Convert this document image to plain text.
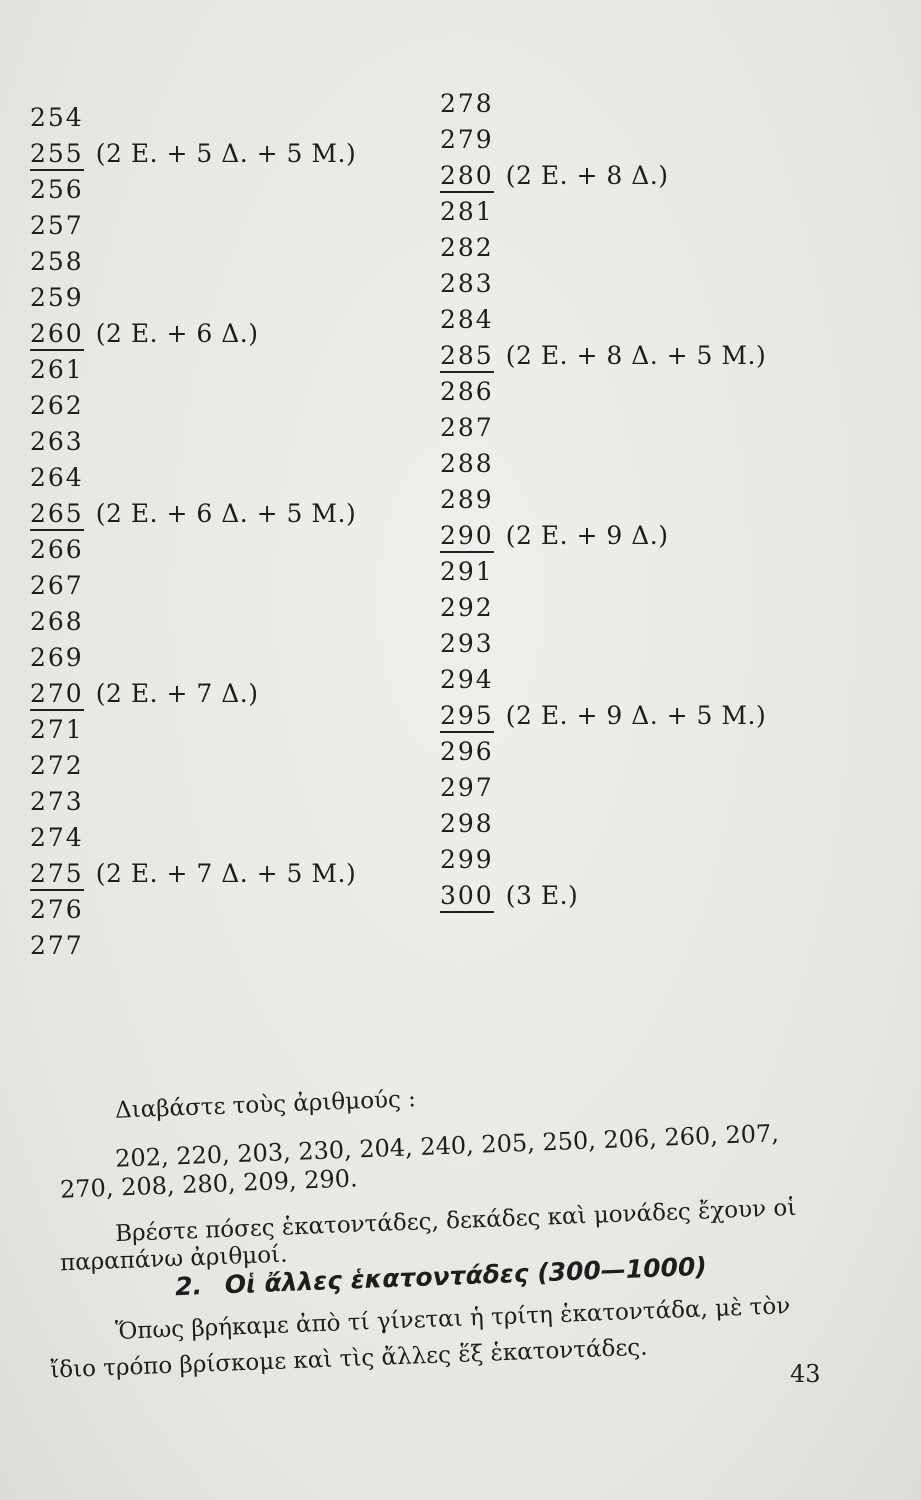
254
255 (2 Ε. + 5 Δ. + 5 Μ.)
256
257
258
259
260 (2 Ε. + 6 Δ.)
261
262
263
264
265 (2 Ε. + 6 Δ. + 5 Μ.)
266
267
268
269
270 (2 Ε. + 7 Δ.)
271
272
273
274
275 (2 Ε. + 7 Δ. + 5 Μ.)
276
277
278
279
280 (2 Ε. + 8 Δ.)
281
282
283
284
285 (2 Ε. + 8 Δ. + 5 Μ.)
286
287
288
289
290 (2 Ε. + 9 Δ.)
291
292
293
294
295 (2 Ε. + 9 Δ. + 5 Μ.)
296
297
298
299
300 (3 Ε.)
Διαβάστε τοὺς ἀριθμούς :
202, 220, 203, 230, 204, 240, 205, 250, 206, 260, 207,
270, 208, 280, 209, 290.
Βρέστε πόσες ἑκατοντάδες, δεκάδες καὶ μονάδες ἔχουν οἱ
παραπάνω ἀριθμοί.
2. Οἱ ἄλλες ἑκατοντάδες (300—1000)
Ὅπως βρήκαμε ἀπὸ τί γίνεται ἡ τρίτη ἑκατοντάδα, μὲ τὸν
ἴδιο τρόπο βρίσκομε καὶ τὶς ἄλλες ἕξ ἑκατοντάδες.	43
